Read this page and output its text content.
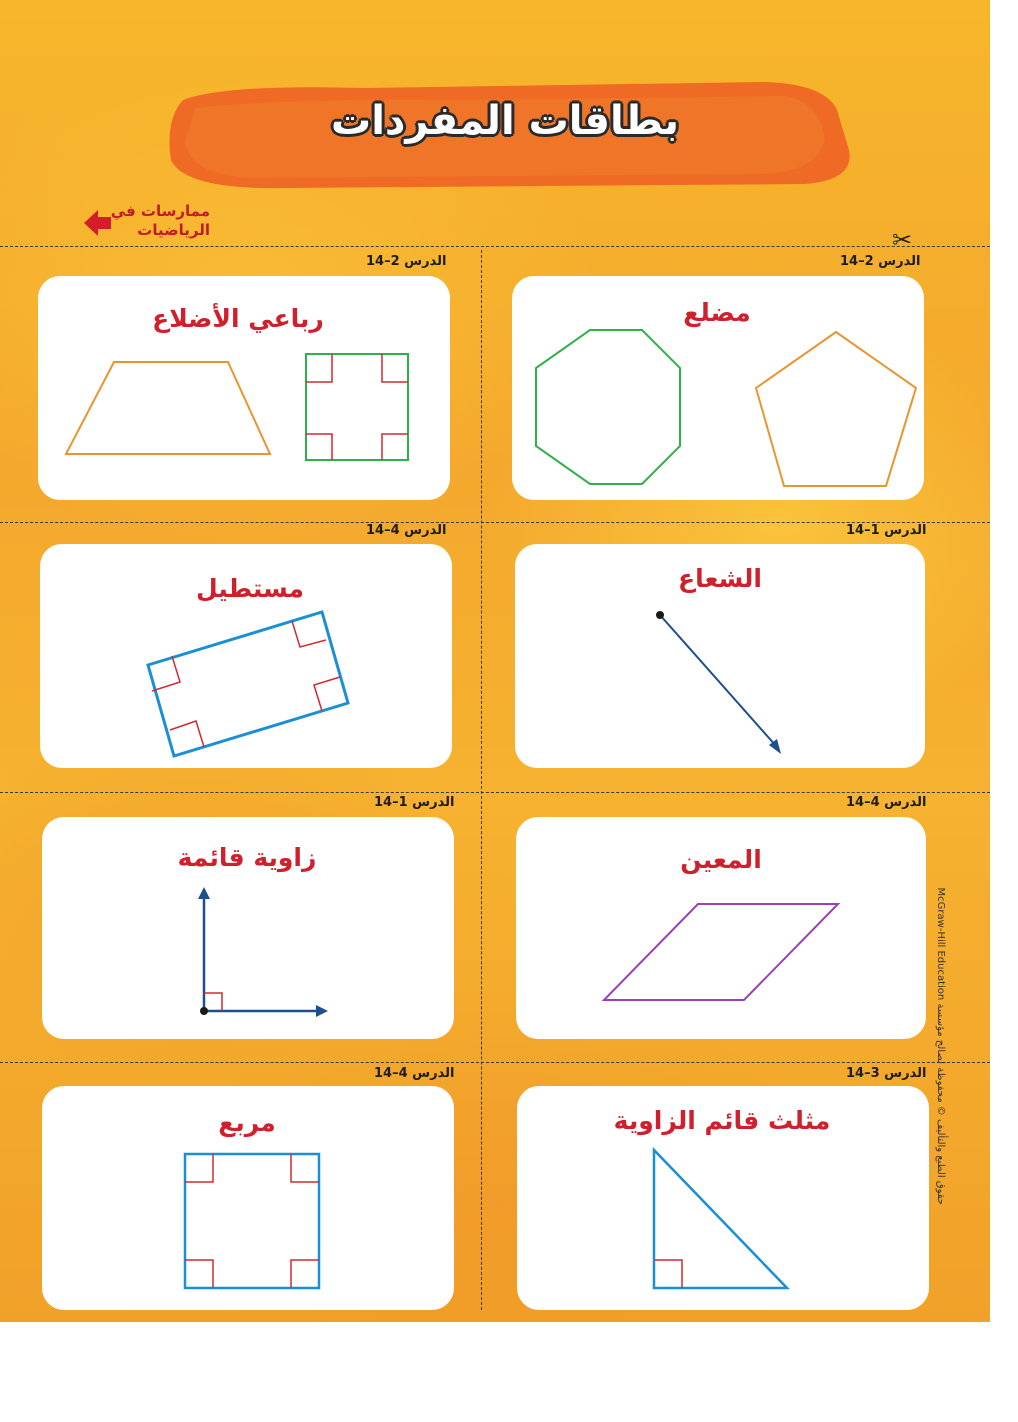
بطاقات المفردات
ممارسات في
الرياضيات	✂
الدرس 2–14
الدرس 2–14
الدرس 1–14
الدرس 4–14
الدرس 4–14
الدرس 1–14
الدرس 3–14
الدرس 4–14
مضلع
رباعي الأضلاع
الشعاع
مستطيل
المعين
زاوية قائمة
مثلث قائم الزاوية
مربع
حقوق الطبع والتأليف © محفوظة لصالح مؤسسة McGraw-Hill Education
